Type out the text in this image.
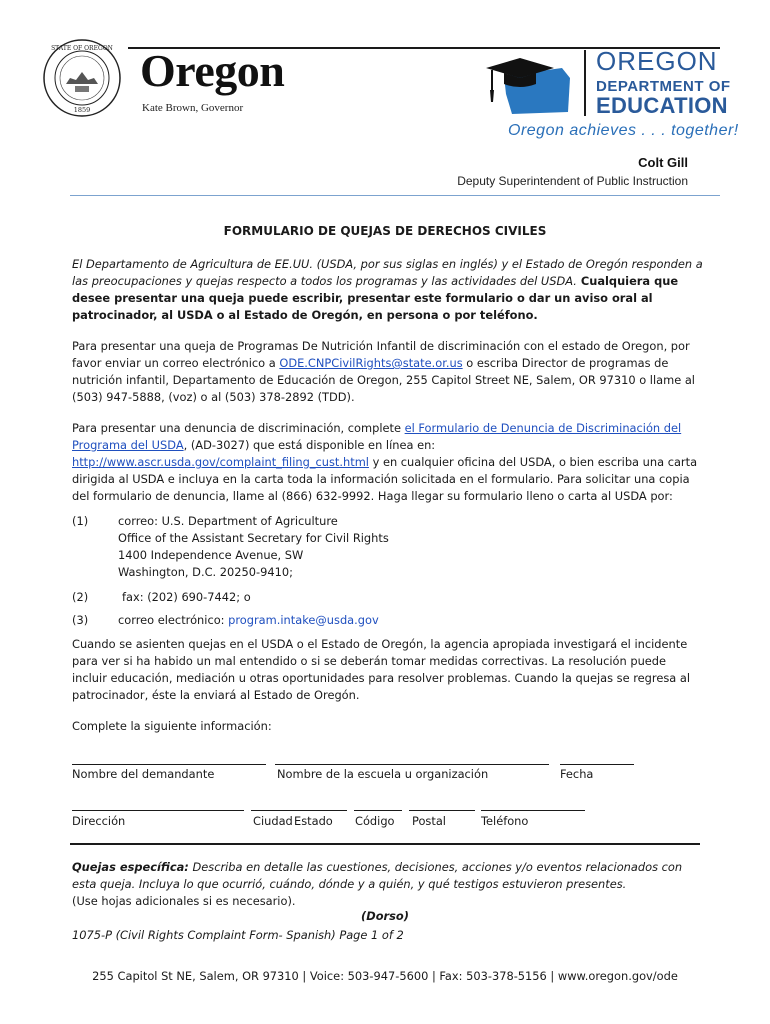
STATE OF OREGON
1859
Oregon
Kate Brown, Governor
OREGON
DEPARTMENT OF
EDUCATION
Oregon achieves . . . together!
Colt Gill
Deputy Superintendent of Public Instruction
FORMULARIO DE QUEJAS DE DERECHOS CIVILES

El Departamento de Agricultura de EE.UU. (USDA, por sus siglas en inglés) y el Estado de Oregón responden a las preocupaciones y quejas respecto a todos los programas y las actividades del USDA. Cualquiera que desee presentar una queja puede escribir, presentar este formulario o dar un aviso oral al patrocinador, al USDA o al Estado de Oregón, en persona o por teléfono.

Para presentar una queja de Programas De Nutrición Infantil de discriminación con el estado de Oregon, por favor enviar un correo electrónico a ODE.CNPCivilRights@state.or.us o escriba Director de programas de nutrición infantil, Departamento de Educación de Oregon, 255 Capitol Street NE, Salem, OR 97310 o llame al (503) 947-5888, (voz) o al (503) 378-2892 (TDD).

Para presentar una denuncia de discriminación, complete el Formulario de Denuncia de Discriminación del Programa del USDA, (AD-3027) que está disponible en línea en: http://www.ascr.usda.gov/complaint_filing_cust.html y en cualquier oficina del USDA, o bien escriba una carta dirigida al USDA e incluya en la carta toda la información solicitada en el formulario. Para solicitar una copia del formulario de denuncia, llame al (866) 632-9992. Haga llegar su formulario lleno o carta al USDA por:

(1)	correo: U.S. Department of Agriculture
Office of the Assistant Secretary for Civil Rights
1400 Independence Avenue, SW
Washington, D.C. 20250-9410;
(2)	fax: (202) 690-7442; o
(3)	correo electrónico: program.intake@usda.gov
Cuando se asienten quejas en el USDA o el Estado de Oregón, la agencia apropiada investigará el incidente para ver si ha habido un mal entendido o si se deberán tomar medidas correctivas. La resolución puede incluir educación, mediación u otras oportunidades para resolver problemas. Cuando la quejas se regresa al patrocinador, éste la enviará al Estado de Oregón.
Complete la siguiente información:
Nombre del demandante	Nombre de la escuela u organización	Fecha
Dirección	Ciudad Estado Código Postal	Teléfono

Quejas específica: Describa en detalle las cuestiones, decisiones, acciones y/o eventos relacionados con esta queja. Incluya lo que ocurrió, cuándo, dónde y a quién, y qué testigos estuvieron presentes.

(Use hojas adicionales si es necesario).

(Dorso)
1075-P (Civil Rights Complaint Form- Spanish) Page 1 of 2
255 Capitol St NE, Salem, OR 97310 | Voice: 503-947-5600 | Fax: 503-378-5156 | www.oregon.gov/ode
